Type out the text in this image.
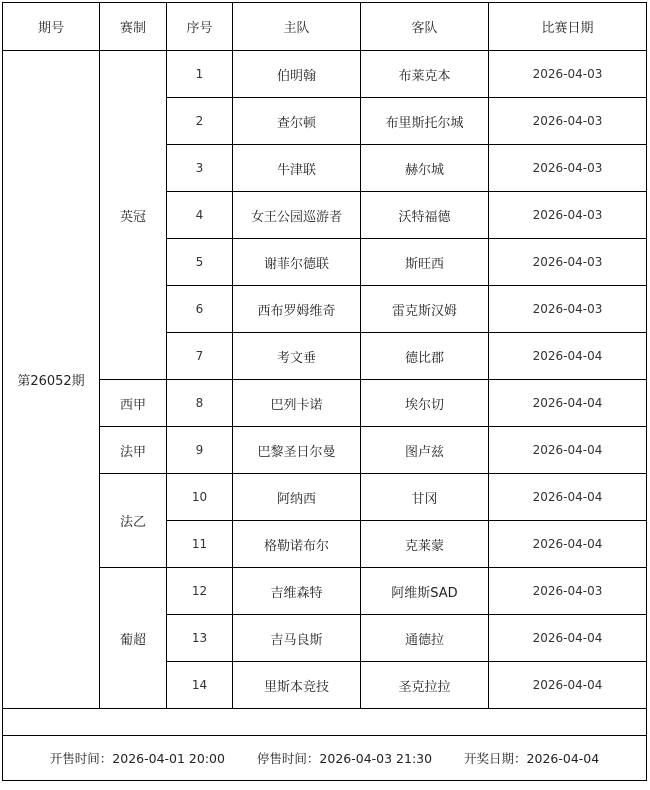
期号	赛制	序号	主队	客队	比赛日期
第26052期	英冠	1	伯明翰	布莱克本	2026-04-03
		2	查尔顿	布里斯托尔城	2026-04-03
		3	牛津联	赫尔城	2026-04-03
		4	女王公园巡游者	沃特福德	2026-04-03
		5	谢菲尔德联	斯旺西	2026-04-03
		6	西布罗姆维奇	雷克斯汉姆	2026-04-03
		7	考文垂	德比郡	2026-04-04
	西甲	8	巴列卡诺	埃尔切	2026-04-04
	法甲	9	巴黎圣日尔曼	图卢兹	2026-04-04
	法乙	10	阿纳西	甘冈	2026-04-04
		11	格勒诺布尔	克莱蒙	2026-04-04
	葡超	12	吉维森特	阿维斯SAD	2026-04-03
		13	吉马良斯	通德拉	2026-04-04
		14	里斯本竞技	圣克拉拉	2026-04-04

开售时间：2026-04-01 20:00 停售时间：2026-04-03 21:30 开奖日期：2026-04-04					
